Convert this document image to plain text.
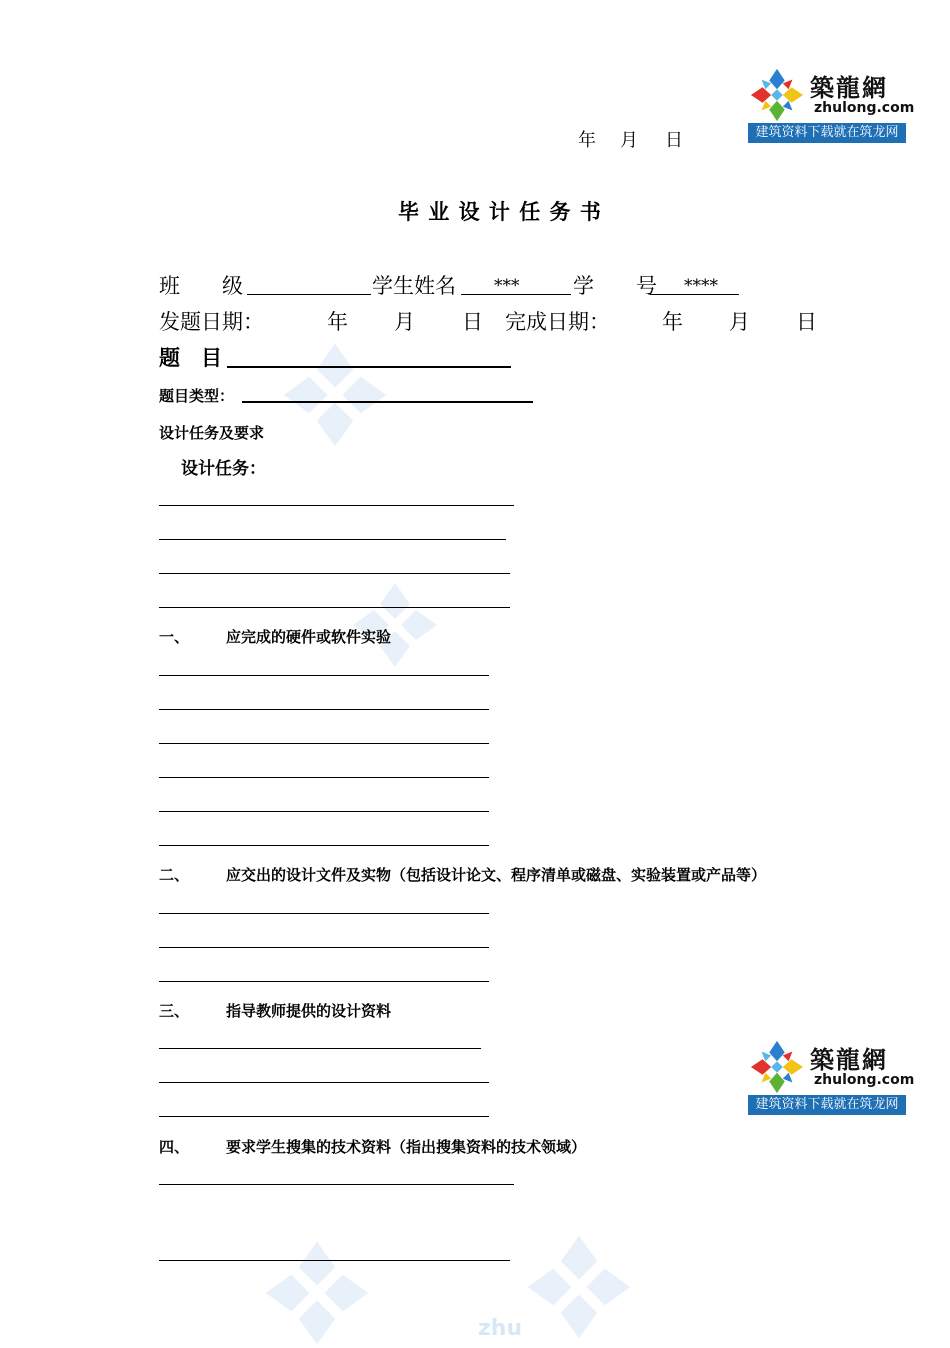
zhu
築龍網
zhulong.com
建筑资料下载就在筑龙网
築龍網
zhulong.com
建筑资料下载就在筑龙网
年 月 日
毕 业 设 计 任 务 书
班　　级	学生姓名 ***	学　　号 ****
发题日期：	年 月 日 完成日期： 年 月 日
题　目
题目类型：
设计任务及要求
设计任务：
一、 应完成的硬件或软件实验
二、 应交出的设计文件及实物（包括设计论文、程序清单或磁盘、实验装置或产品等）
三、 指导教师提供的设计资料
四、 要求学生搜集的技术资料（指出搜集资料的技术领域）
